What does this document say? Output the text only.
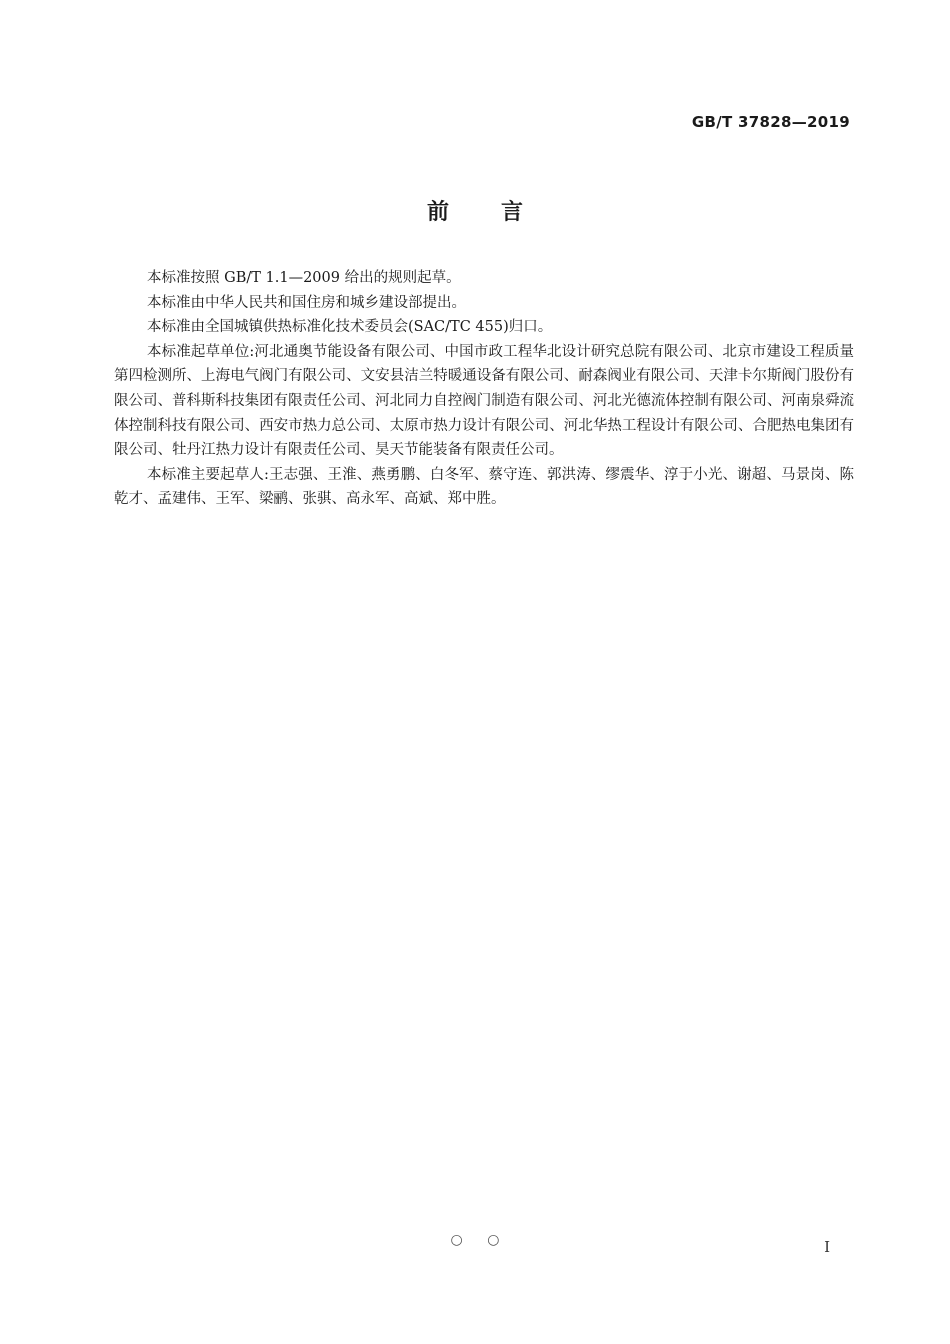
GB/T 37828—2019
前言

本标准按照 GB/T 1.1—2009 给出的规则起草。

本标准由中华人民共和国住房和城乡建设部提出。

本标准由全国城镇供热标准化技术委员会(SAC/TC 455)归口。

本标准起草单位:河北通奥节能设备有限公司、中国市政工程华北设计研究总院有限公司、北京市建设工程质量第四检测所、上海电气阀门有限公司、文安县洁兰特暖通设备有限公司、耐森阀业有限公司、天津卡尔斯阀门股份有限公司、普科斯科技集团有限责任公司、河北同力自控阀门制造有限公司、河北光德流体控制有限公司、河南泉舜流体控制科技有限公司、西安市热力总公司、太原市热力设计有限公司、河北华热工程设计有限公司、合肥热电集团有限公司、牡丹江热力设计有限责任公司、昊天节能装备有限责任公司。

本标准主要起草人:王志强、王淮、燕勇鹏、白冬军、蔡守连、郭洪涛、缪震华、淳于小光、谢超、马景岗、陈乾才、孟建伟、王军、梁鹂、张骐、高永军、高斌、郑中胜。

○ ○	I
